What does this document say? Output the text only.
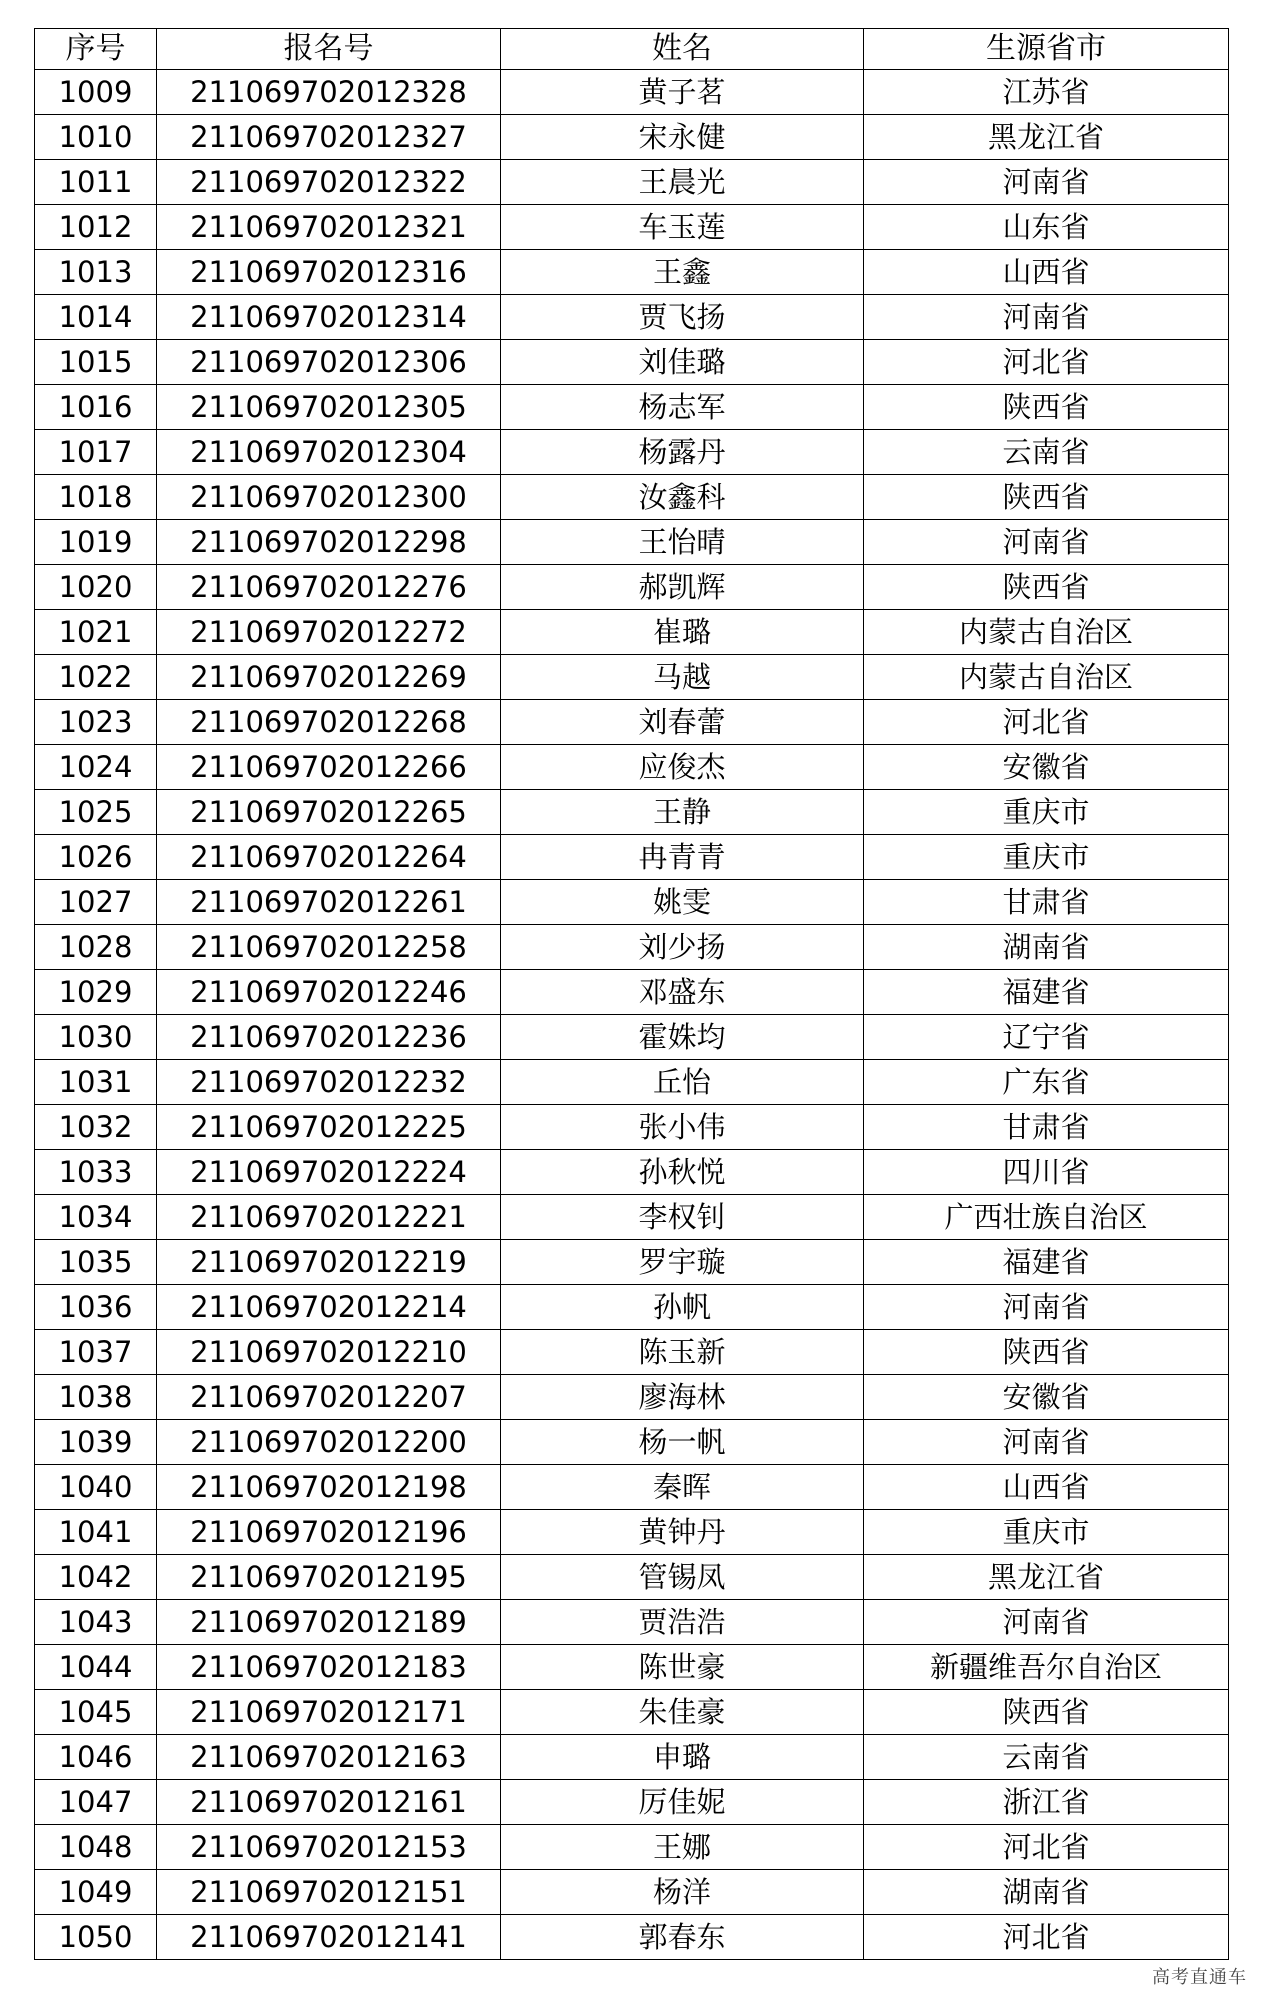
序号	报名号	姓名	生源省市
1009	211069702012328	黄子茗	江苏省
1010	211069702012327	宋永健	黑龙江省
1011	211069702012322	王晨光	河南省
1012	211069702012321	车玉莲	山东省
1013	211069702012316	王鑫	山西省
1014	211069702012314	贾飞扬	河南省
1015	211069702012306	刘佳璐	河北省
1016	211069702012305	杨志军	陕西省
1017	211069702012304	杨露丹	云南省
1018	211069702012300	汝鑫科	陕西省
1019	211069702012298	王怡晴	河南省
1020	211069702012276	郝凯辉	陕西省
1021	211069702012272	崔璐	内蒙古自治区
1022	211069702012269	马越	内蒙古自治区
1023	211069702012268	刘春蕾	河北省
1024	211069702012266	应俊杰	安徽省
1025	211069702012265	王静	重庆市
1026	211069702012264	冉青青	重庆市
1027	211069702012261	姚雯	甘肃省
1028	211069702012258	刘少扬	湖南省
1029	211069702012246	邓盛东	福建省
1030	211069702012236	霍姝均	辽宁省
1031	211069702012232	丘怡	广东省
1032	211069702012225	张小伟	甘肃省
1033	211069702012224	孙秋悦	四川省
1034	211069702012221	李权钊	广西壮族自治区
1035	211069702012219	罗宇璇	福建省
1036	211069702012214	孙帆	河南省
1037	211069702012210	陈玉新	陕西省
1038	211069702012207	廖海林	安徽省
1039	211069702012200	杨一帆	河南省
1040	211069702012198	秦晖	山西省
1041	211069702012196	黄钟丹	重庆市
1042	211069702012195	管锡凤	黑龙江省
1043	211069702012189	贾浩浩	河南省
1044	211069702012183	陈世豪	新疆维吾尔自治区
1045	211069702012171	朱佳豪	陕西省
1046	211069702012163	申璐	云南省
1047	211069702012161	厉佳妮	浙江省
1048	211069702012153	王娜	河北省
1049	211069702012151	杨洋	湖南省
1050	211069702012141	郭春东	河北省
高考直通车
